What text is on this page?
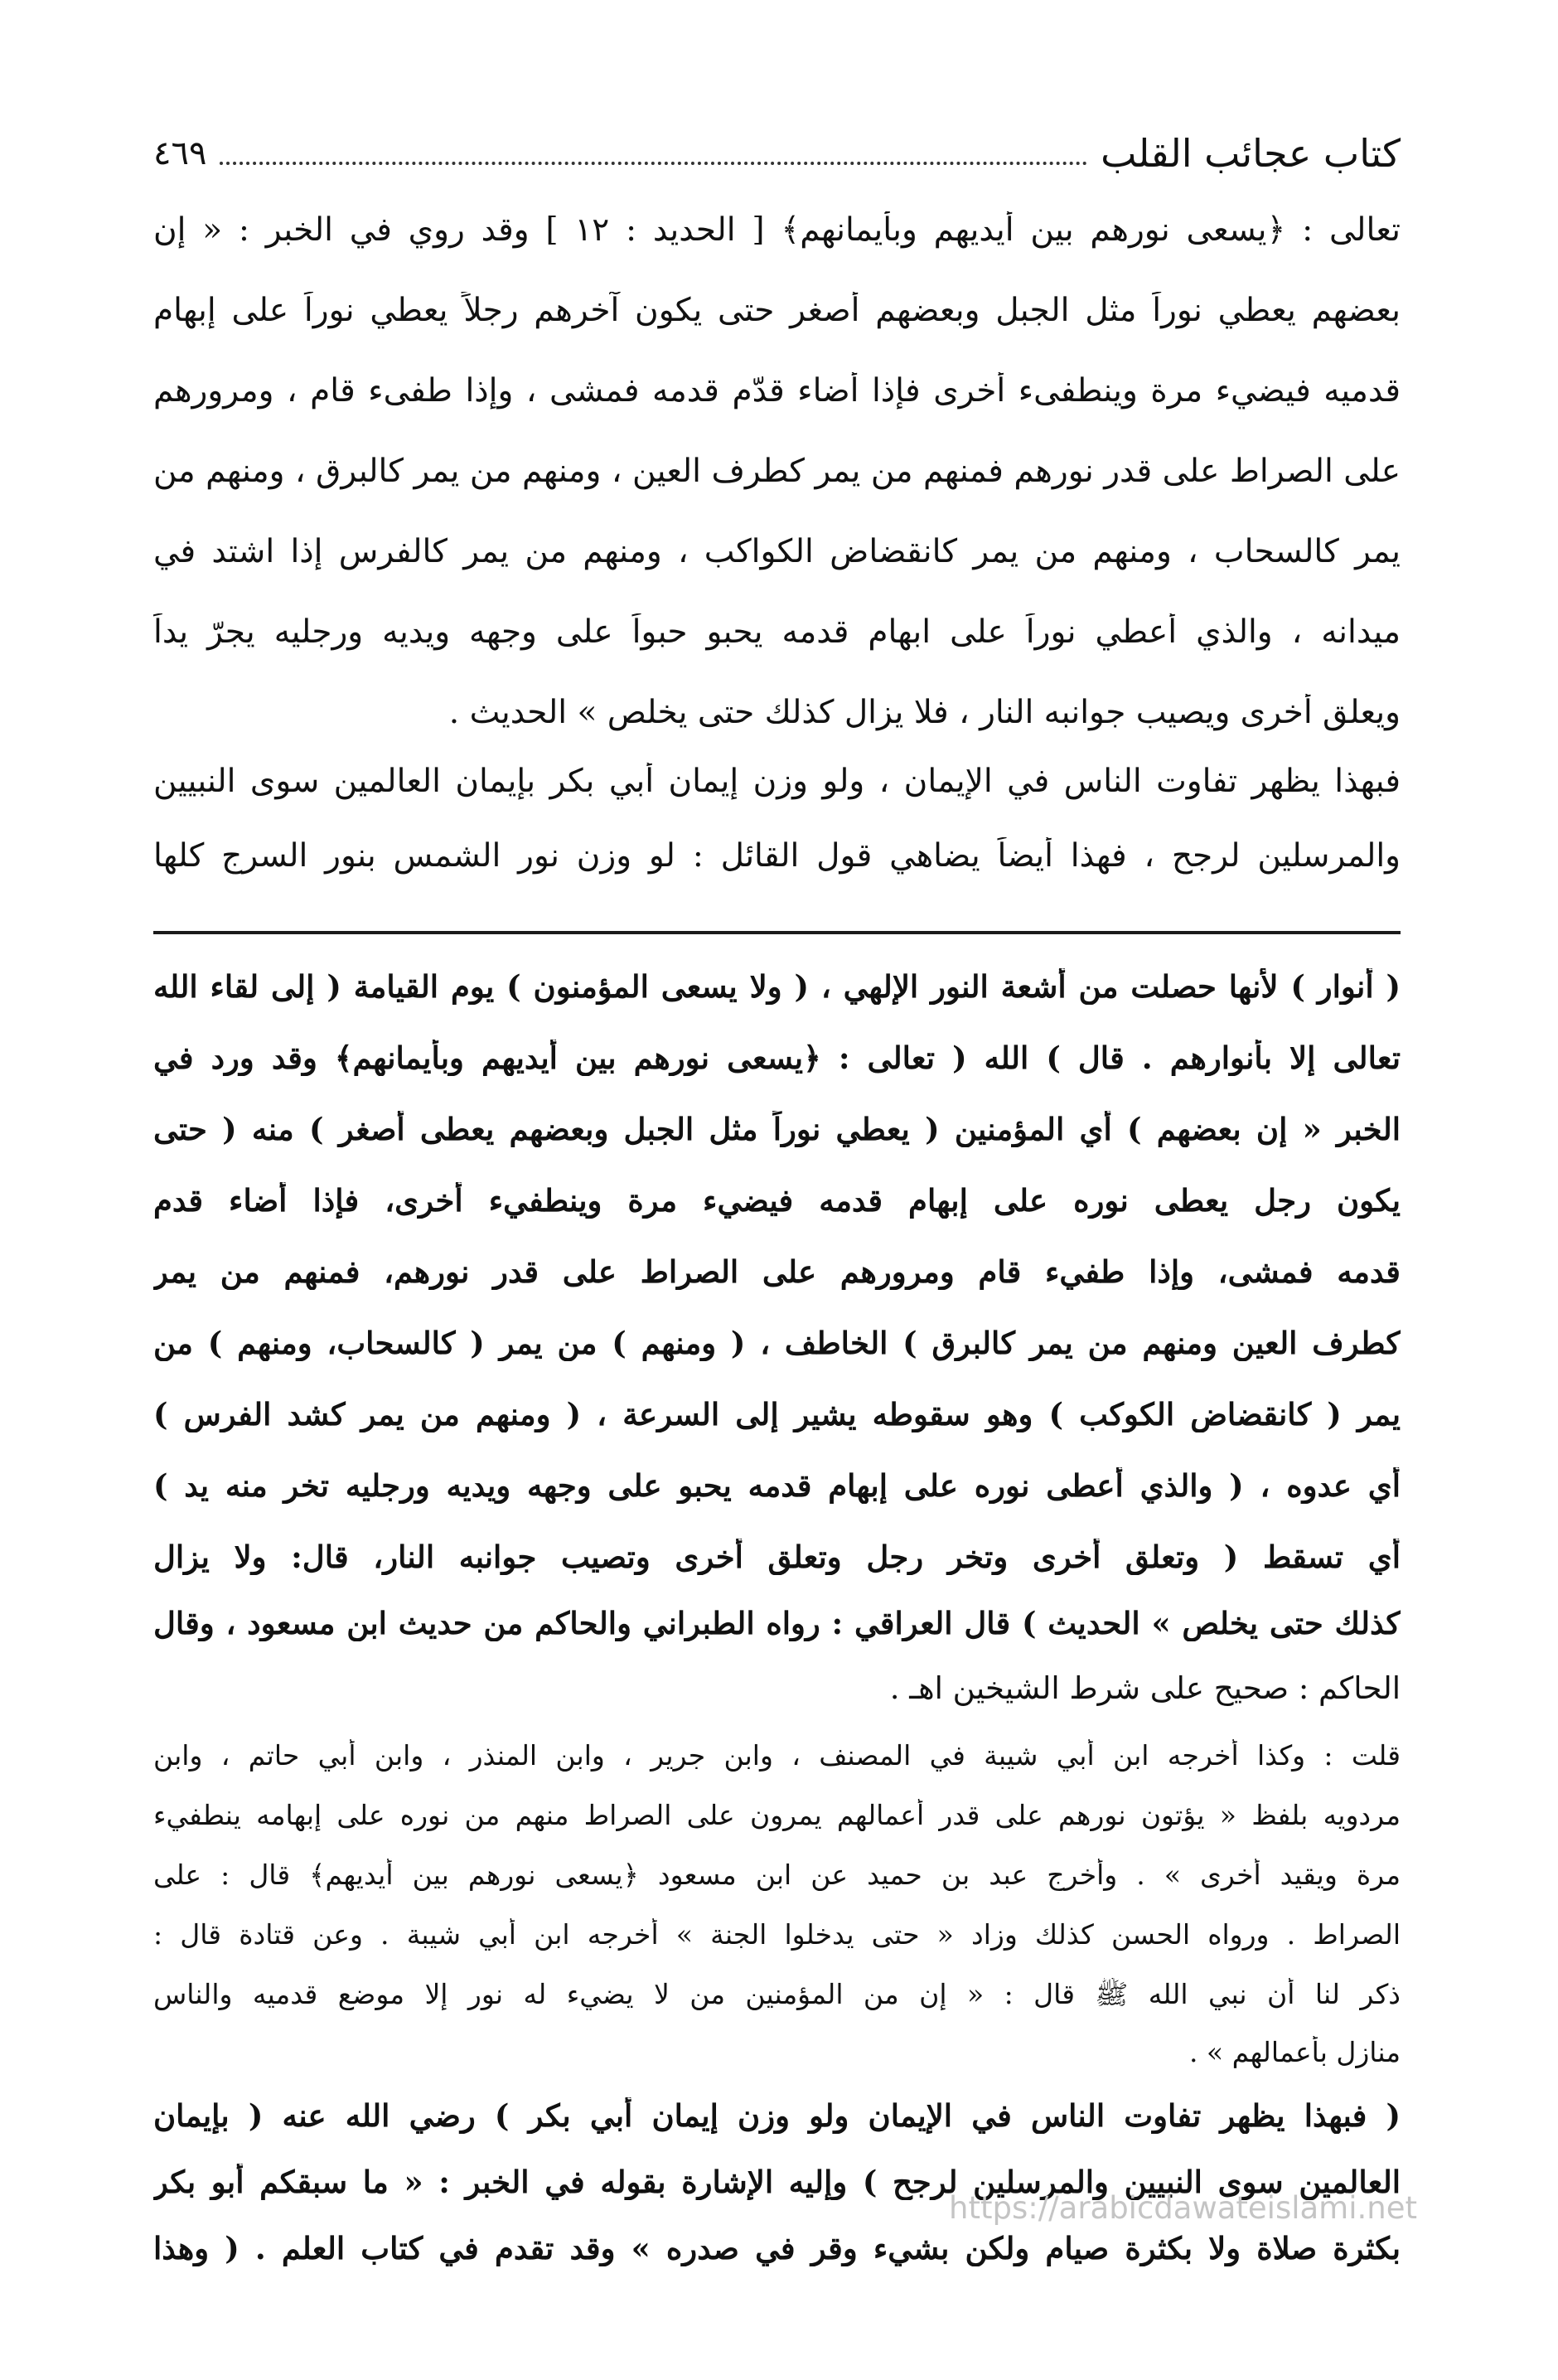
كتاب عجائب القلب
٤٦٩
تعالى : ﴿يسعى نورهم بين أيديهم وبأيمانهم﴾ [ الحديد : ١٢ ] وقد روي في الخبر : « إن
بعضهم يعطي نوراً مثل الجبل وبعضهم أصغر حتى يكون آخرهم رجلاً يعطي نوراً على إبهام
قدميه فيضيء مرة وينطفىء أخرى فإذا أضاء قدّم قدمه فمشى ، وإذا طفىء قام ، ومرورهم
على الصراط على قدر نورهم فمنهم من يمر كطرف العين ، ومنهم من يمر كالبرق ، ومنهم من
يمر كالسحاب ، ومنهم من يمر كانقضاض الكواكب ، ومنهم من يمر كالفرس إذا اشتد في
ميدانه ، والذي أعطي نوراً على ابهام قدمه يحبو حبواً على وجهه ويديه ورجليه يجرّ يداً
ويعلق أخرى ويصيب جوانبه النار ، فلا يزال كذلك حتى يخلص » الحديث .
فبهذا يظهر تفاوت الناس في الإيمان ، ولو وزن إيمان أبي بكر بإيمان العالمين سوى النبيين
والمرسلين لرجح ، فهذا أيضاً يضاهي قول القائل : لو وزن نور الشمس بنور السرج كلها
( أنوار ) لأنها حصلت من أشعة النور الإلهي ، ( ولا يسعى المؤمنون ) يوم القيامة ( إلى لقاء الله
تعالى إلا بأنوارهم . قال ) الله ( تعالى : ﴿يسعى نورهم بين أيديهم وبأيمانهم﴾ وقد ورد في
الخبر « إن بعضهم ) أي المؤمنين ( يعطي نوراً مثل الجبل وبعضهم يعطى أصغر ) منه ( حتى
يكون رجل يعطى نوره على إبهام قدمه فيضيء مرة وينطفيء أخرى، فإذا أضاء قدم
قدمه فمشى، وإذا طفيء قام ومرورهم على الصراط على قدر نورهم، فمنهم من يمر
كطرف العين ومنهم من يمر كالبرق ) الخاطف ، ( ومنهم ) من يمر ( كالسحاب، ومنهم ) من
يمر ( كانقضاض الكوكب ) وهو سقوطه يشير إلى السرعة ، ( ومنهم من يمر كشد الفرس )
أي عدوه ، ( والذي أعطى نوره على إبهام قدمه يحبو على وجهه ويديه ورجليه تخر منه يد )
أي تسقط ( وتعلق أخرى وتخر رجل وتعلق أخرى وتصيب جوانبه النار، قال: ولا يزال
كذلك حتى يخلص » الحديث ) قال العراقي : رواه الطبراني والحاكم من حديث ابن مسعود ، وقال
الحاكم : صحيح على شرط الشيخين اهـ .
قلت : وكذا أخرجه ابن أبي شيبة في المصنف ، وابن جرير ، وابن المنذر ، وابن أبي حاتم ، وابن
مردويه بلفظ « يؤتون نورهم على قدر أعمالهم يمرون على الصراط منهم من نوره على إبهامه ينطفيء
مرة ويقيد أخرى » . وأخرج عبد بن حميد عن ابن مسعود ﴿يسعى نورهم بين أيديهم﴾ قال : على
الصراط . ورواه الحسن كذلك وزاد « حتى يدخلوا الجنة » أخرجه ابن أبي شيبة . وعن قتادة قال :
ذكر لنا أن نبي الله ﷺ قال : « إن من المؤمنين من لا يضيء له نور إلا موضع قدميه والناس
منازل بأعمالهم » .
( فبهذا يظهر تفاوت الناس في الإيمان ولو وزن إيمان أبي بكر ) رضي الله عنه ( بإيمان
العالمين سوى النبيين والمرسلين لرجح ) وإليه الإشارة بقوله في الخبر : « ما سبقكم أبو بكر
بكثرة صلاة ولا بكثرة صيام ولكن بشيء وقر في صدره » وقد تقدم في كتاب العلم . ( وهذا
https://arabicdawateislami.net
